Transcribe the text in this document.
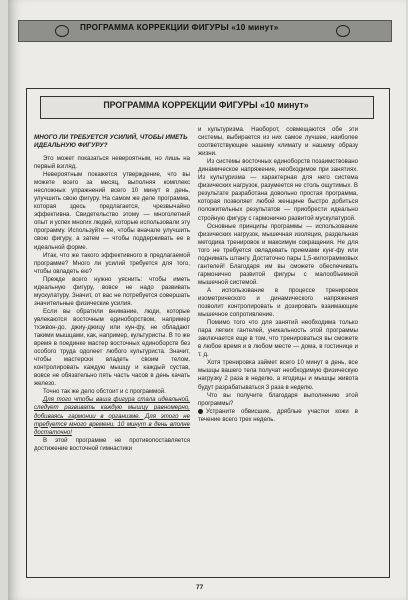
ПРОГРАММА КОРРЕКЦИИ ФИГУРЫ «10 минут»
ПРОГРАММА КОРРЕКЦИИ ФИГУРЫ «10 минут»
МНОГО ЛИ ТРЕБУЕТСЯ УСИЛИЙ, ЧТОБЫ ИМЕТЬ ИДЕАЛЬНУЮ ФИГУРУ?

Это может показаться невероятным, но лишь на первый взгляд.

Невероятным покажется утверждение, что вы можете всего за месяц, выполняя комплекс несложных упражнений всего 10 минут в день, улучшить свою фигуру. На самом же деле программа, которая здесь предлагается, чрезвычайно эффективна. Свидетельство этому — многолетний опыт и успех многих людей, которые использовали эту программу. Используйте ее, чтобы вначале улучшить свою фигуру, а затем — чтобы поддерживать ее в идеальной форме.

Итак, что же такого эффективного в предлагаемой программе? Много ли усилий требуется для того, чтобы овладеть ею?

Прежде всего нужно уяснить: чтобы иметь идеальную фигуру, вовсе не надо развивать мускулатуру. Значит, от вас не потребуется совершать значительные физические усилия.

Если вы обратили внимание, люди, которые увлекаются восточным единоборством, например тхэквон-до, джиу-джицу или кун-фу, не обладают такими мышцами, как, например, культуристы. В то же время в поединке мастер восточных единоборств без особого труда одолеет любого культуриста. Значит, чтобы мастерски владеть своим телом, контролировать каждую мышцу и каждый сустав, вовсе не обязательно пять часть часов в день качать железо.

Точно так же дело обстоит и с программой.

Для того чтобы ваша фигура стала идеальной, следует развивать каждую мышцу равномерно, добиваясь гармонии в организме. Для этого не требуется много времени. 10 минут в день вполне достаточно!

В этой программе не противопоставляется достижение восточной гимнастики

и культуризма. Наоборот, совмещаются обе эти системы, выбирается из них самое лучшее, наиболее соответствующее нашему климату и нашему образу жизни.

Из системы восточных единоборств позаимствовано динамическое напряжение, необходимое при занятиях. Из культуризма — характерная для него система физических нагрузок, разумеется не столь ощутимых. В результате разработана довольно простая программа, которая позволяет любой женщине быстро добиться положительных результатов — приобрести идеально стройную фигуру с гармонично развитой мускулатурой.

Основные принципы программы — использование физических нагрузок, мышечная изоляция, раздельная методика тренировок и максимум сокращения. Не для того не требуется овладевать приемами кунг-фу или поднимать штангу. Достаточно пары 1,5-килограммовых гантелей! Благодаря им вы сможете обеспечивать гармонично развитой фигуры с малообъемной мышечной системой.

А использование в процессе тренировок изометрического и динамического напряжения позволит контролировать и дозировать взаимающие мышечное сопротивление.

Помимо того что для занятий необходима только пара легких гантелей, уникальность этой программы заключается еще в том, что тренироваться вы сможете в любое время и в любом месте — дома, в гостинице и т. д.

Хотя тренировка займет всего 10 минут в день, все мышцы вашего тела получат необходимую физическую нагрузку 2 раза в неделю, а ягодицы и мышцы живота будут разрабатываться 3 раза в неделю.

Что вы получите благодаря выполнению этой программы?

Устраните обвисшие, дряблые участки кожи в течение всего трех недель.

77
